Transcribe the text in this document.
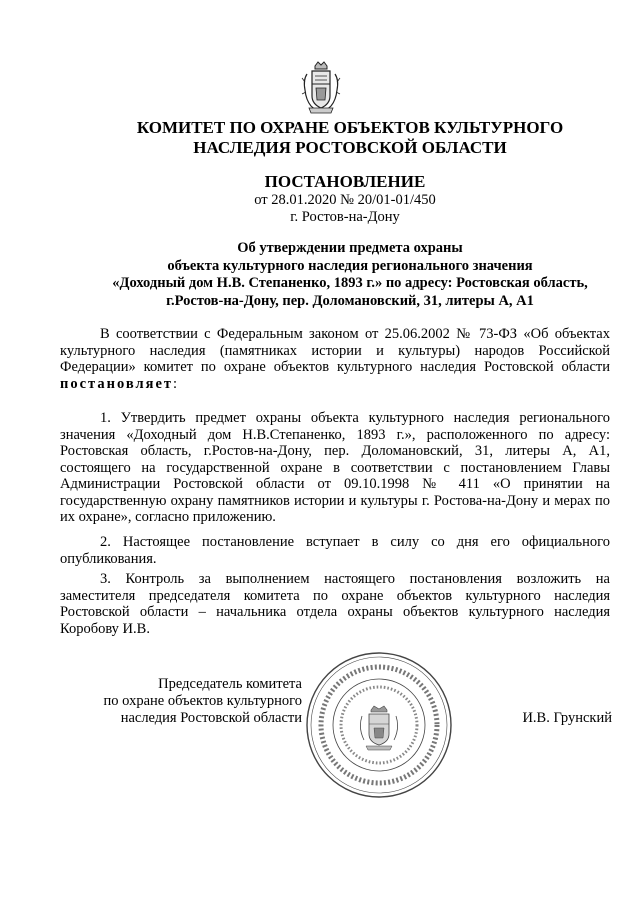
КОМИТЕТ ПО ОХРАНЕ ОБЪЕКТОВ КУЛЬТУРНОГО
НАСЛЕДИЯ РОСТОВСКОЙ ОБЛАСТИ
ПОСТАНОВЛЕНИЕ
от 28.01.2020 № 20/01-01/450
г. Ростов-на-Дону
Об утверждении предмета охраны
объекта культурного наследия регионального значения
«Доходный дом Н.В. Степаненко, 1893 г.» по адресу: Ростовская область,
г.Ростов-на-Дону, пер. Доломановский, 31, литеры А, А1

В соответствии с Федеральным законом от 25.06.2002 № 73-ФЗ «Об объектах культурного наследия (памятниках истории и культуры) народов Российской Федерации» комитет по охране объектов культурного наследия Ростовской области постановляет:

1. Утвердить предмет охраны объекта культурного наследия регионального значения «Доходный дом Н.В.Степаненко, 1893 г.», расположенного по адресу: Ростовская область, г.Ростов-на-Дону, пер. Доломановский, 31, литеры А, А1, состоящего на государственной охране в соответствии с постановлением Главы Администрации Ростовской области от 09.10.1998 № 411 «О принятии на государственную охрану памятников истории и культуры г. Ростова-на-Дону и мерах по их охране», согласно приложению.

2. Настоящее постановление вступает в силу со дня его официального опубликования.

3. Контроль за выполнением настоящего постановления возложить на заместителя председателя комитета по охране объектов культурного наследия Ростовской области – начальника отдела охраны объектов культурного наследия Коробову И.В.

Председатель комитета
по охране объектов культурного
наследия Ростовской области	И.В. Грунский
